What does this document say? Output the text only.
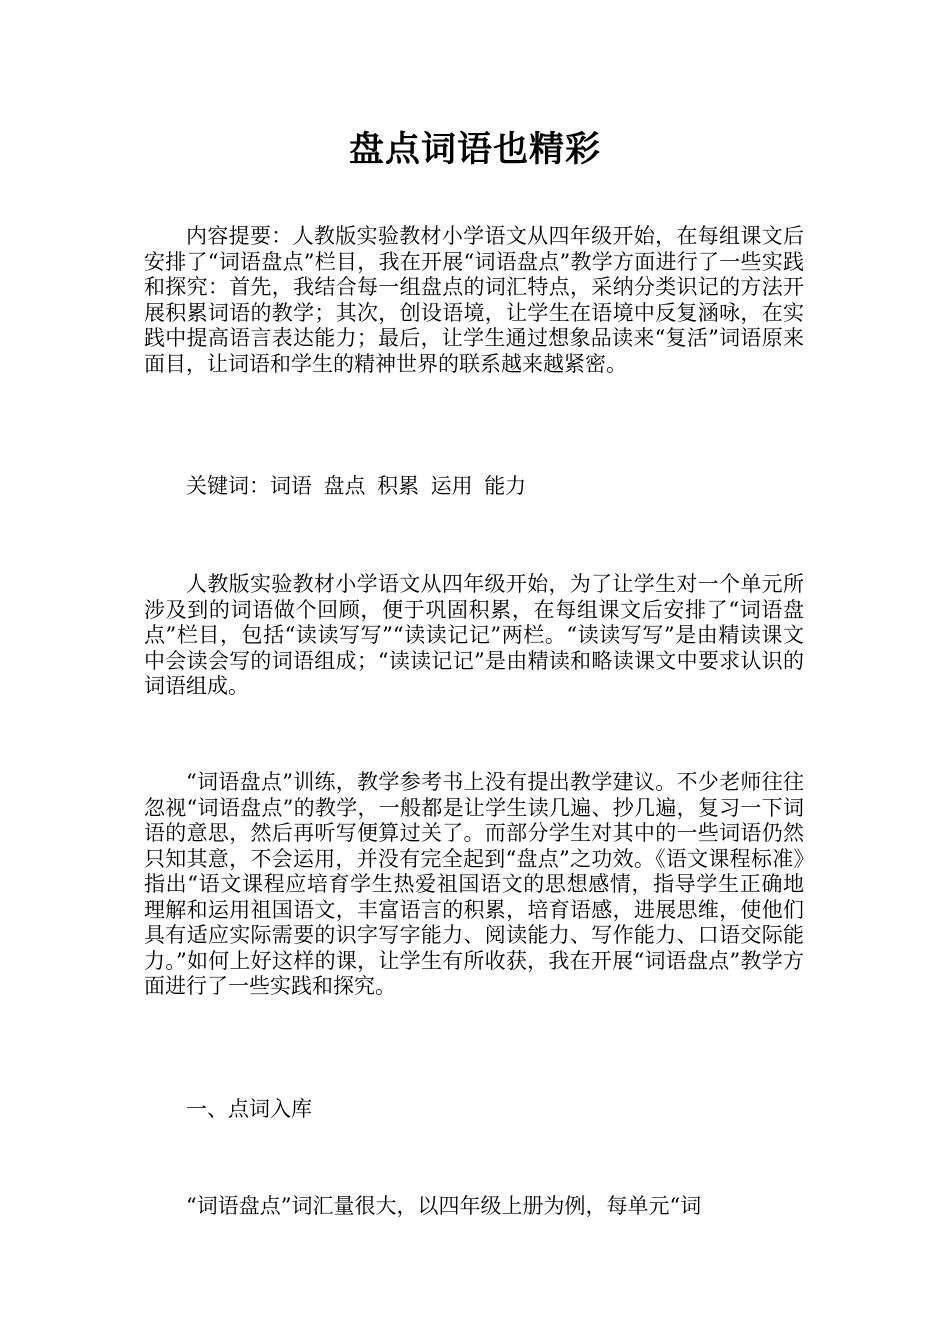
盘点词语也精彩

内容提要：人教版实验教材小学语文从四年级开始，在每组课文后安排了“词语盘点”栏目，我在开展“词语盘点”教学方面进行了一些实践和探究：首先，我结合每一组盘点的词汇特点，采纳分类识记的方法开展积累词语的教学；其次，创设语境，让学生在语境中反复涵咏，在实践中提高语言表达能力；最后，让学生通过想象品读来“复活”词语原来面目，让词语和学生的精神世界的联系越来越紧密。

关键词：词语 盘点 积累 运用 能力

人教版实验教材小学语文从四年级开始，为了让学生对一个单元所涉及到的词语做个回顾，便于巩固积累，在每组课文后安排了“词语盘点”栏目，包括“读读写写”“读读记记”两栏。“读读写写”是由精读课文中会读会写的词语组成；“读读记记”是由精读和略读课文中要求认识的词语组成。

“词语盘点”训练，教学参考书上没有提出教学建议。不少老师往往忽视“词语盘点”的教学，一般都是让学生读几遍、抄几遍，复习一下词语的意思，然后再听写便算过关了。而部分学生对其中的一些词语仍然只知其意，不会运用，并没有完全起到“盘点”之功效。《语文课程标准》指出“语文课程应培育学生热爱祖国语文的思想感情，指导学生正确地理解和运用祖国语文，丰富语言的积累，培育语感，进展思维，使他们具有适应实际需要的识字写字能力、阅读能力、写作能力、口语交际能力。”如何上好这样的课，让学生有所收获，我在开展“词语盘点”教学方面进行了一些实践和探究。

一、点词入库

“词语盘点”词汇量很大，以四年级上册为例，每单元“词
